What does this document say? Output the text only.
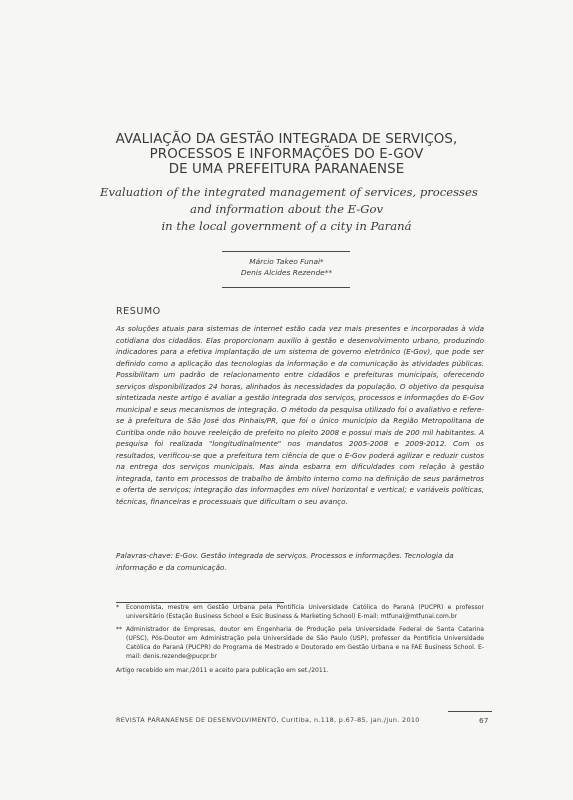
AVALIAÇÃO DA GESTÃO INTEGRADA DE SERVIÇOS,
PROCESSOS E INFORMAÇÕES DO E-GOV
DE UMA PREFEITURA PARANAENSE
Evaluation of the integrated management of services, processes
and information about the E-Gov
in the local government of a city in Paraná
Márcio Takeo Funai*
Denis Alcides Rezende**
RESUMO
As soluções atuais para sistemas de internet estão cada vez mais presentes e incorporadas à vida cotidiana dos cidadãos. Elas proporcionam auxílio à gestão e desenvolvimento urbano, produzindo indicadores para a efetiva implantação de um sistema de governo eletrônico (E-Gov), que pode ser definido como a aplicação das tecnologias da informação e da comunicação às atividades públicas. Possibilitam um padrão de relacionamento entre cidadãos e prefeituras municipais, oferecendo serviços disponibilizados 24 horas, alinhados às necessidades da população. O objetivo da pesquisa sintetizada neste artigo é avaliar a gestão integrada dos serviços, processos e informações do E-Gov municipal e seus mecanismos de integração. O método da pesquisa utilizado foi o avaliativo e refere-se à prefeitura de São José dos Pinhais/PR, que foi o único município da Região Metropolitana de Curitiba onde não houve reeleição de prefeito no pleito 2008 e possui mais de 200 mil habitantes. A pesquisa foi realizada "longitudinalmente" nos mandatos 2005-2008 e 2009-2012. Com os resultados, verificou-se que a prefeitura tem ciência de que o E-Gov poderá agilizar e reduzir custos na entrega dos serviços municipais. Mas ainda esbarra em dificuldades com relação à gestão integrada, tanto em processos de trabalho de âmbito interno como na definição de seus parâmetros e oferta de serviços; integração das informações em nível horizontal e vertical; e variáveis políticas, técnicas, financeiras e processuais que dificultam o seu avanço.
Palavras-chave: E-Gov. Gestão integrada de serviços. Processos e informações. Tecnologia da informação e da comunicação.
* Economista, mestre em Gestão Urbana pela Pontifícia Universidade Católica do Paraná (PUCPR) e professor universitário (Estação Business School e Esic Business & Marketing School) E-mail: mtfunai@mtfunai.com.br
** Administrador de Empresas, doutor em Engenharia de Produção pela Universidade Federal de Santa Catarina (UFSC), Pós-Doutor em Administração pela Universidade de São Paulo (USP), professor da Pontifícia Universidade Católica do Paraná (PUCPR) do Programa de Mestrado e Doutorado em Gestão Urbana e na FAE Business School. E-mail: denis.rezende@pucpr.br
Artigo recebido em mar./2011 e aceito para publicação em set./2011.
REVISTA PARANAENSE DE DESENVOLVIMENTO, Curitiba, n.118, p.67-85, jan./jun. 2010	67
